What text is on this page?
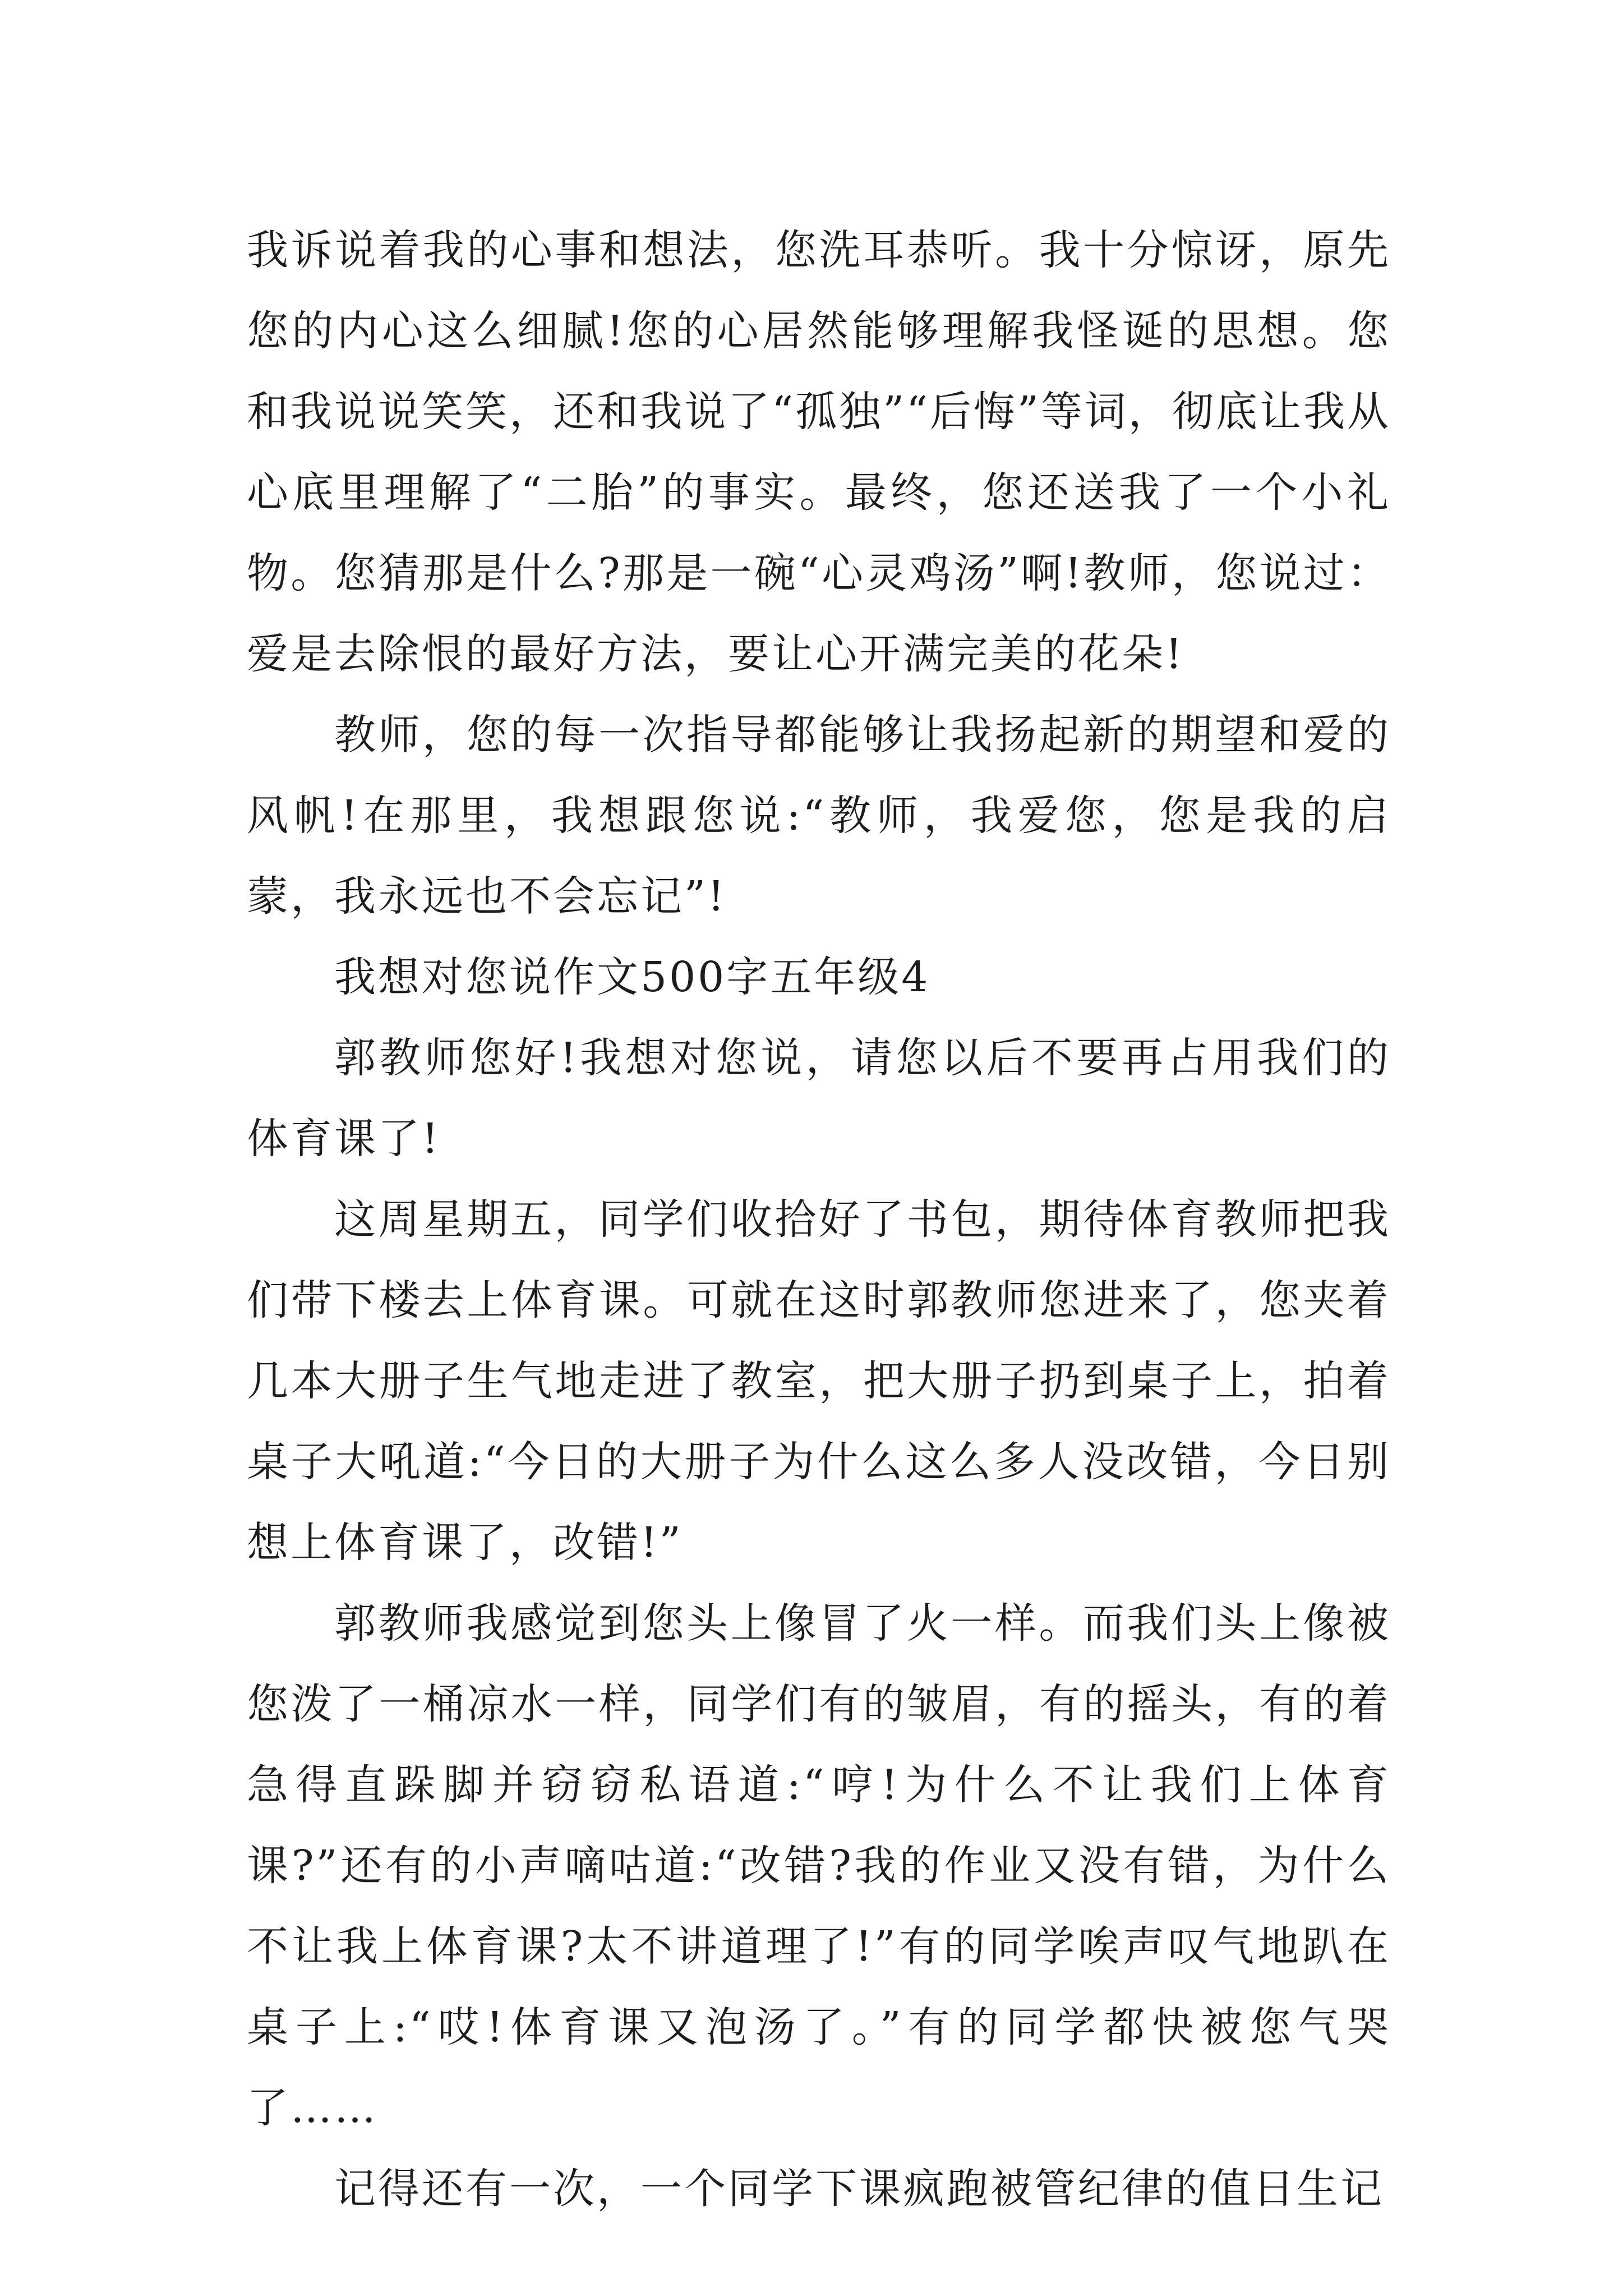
我诉说着我的心事和想法，您洗耳恭听。我十分惊讶，原先您的内心这么细腻!您的心居然能够理解我怪诞的思想。您和我说说笑笑，还和我说了“孤独”“后悔”等词，彻底让我从心底里理解了“二胎”的事实。最终，您还送我了一个小礼物。您猜那是什么?那是一碗“心灵鸡汤”啊!教师，您说过：爱是去除恨的最好方法，要让心开满完美的花朵!

教师，您的每一次指导都能够让我扬起新的期望和爱的风帆!在那里，我想跟您说:“教师，我爱您，您是我的启蒙，我永远也不会忘记”!

我想对您说作文500字五年级4

郭教师您好!我想对您说，请您以后不要再占用我们的体育课了!

这周星期五，同学们收拾好了书包，期待体育教师把我们带下楼去上体育课。可就在这时郭教师您进来了，您夹着几本大册子生气地走进了教室，把大册子扔到桌子上，拍着桌子大吼道:“今日的大册子为什么这么多人没改错，今日别想上体育课了，改错!”

郭教师我感觉到您头上像冒了火一样。而我们头上像被您泼了一桶凉水一样，同学们有的皱眉，有的摇头，有的着急得直跺脚并窃窃私语道:“哼!为什么不让我们上体育课?”还有的小声嘀咕道:“改错?我的作业又没有错，为什么不让我上体育课?太不讲道理了!”有的同学唉声叹气地趴在桌子上:“哎!体育课又泡汤了。”有的同学都快被您气哭了……

记得还有一次，一个同学下课疯跑被管纪律的值日生记
